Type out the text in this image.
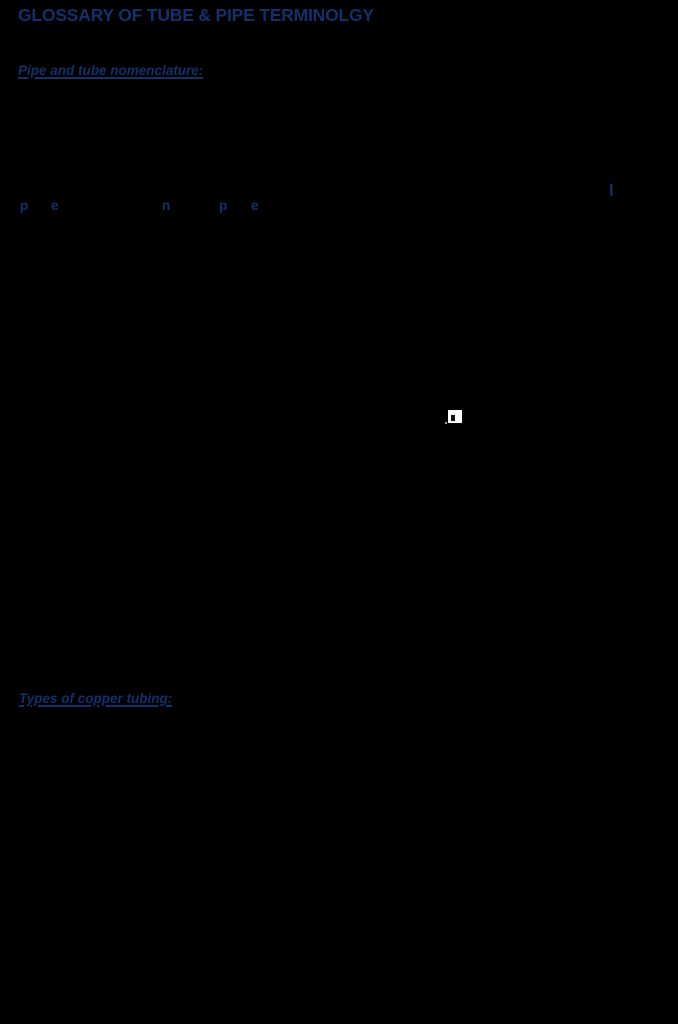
GLOSSARY OF TUBE & PIPE TERMINOLGY
Pipe and tube nomenclature:
p e	n	p e
l
Types of copper tubing:
